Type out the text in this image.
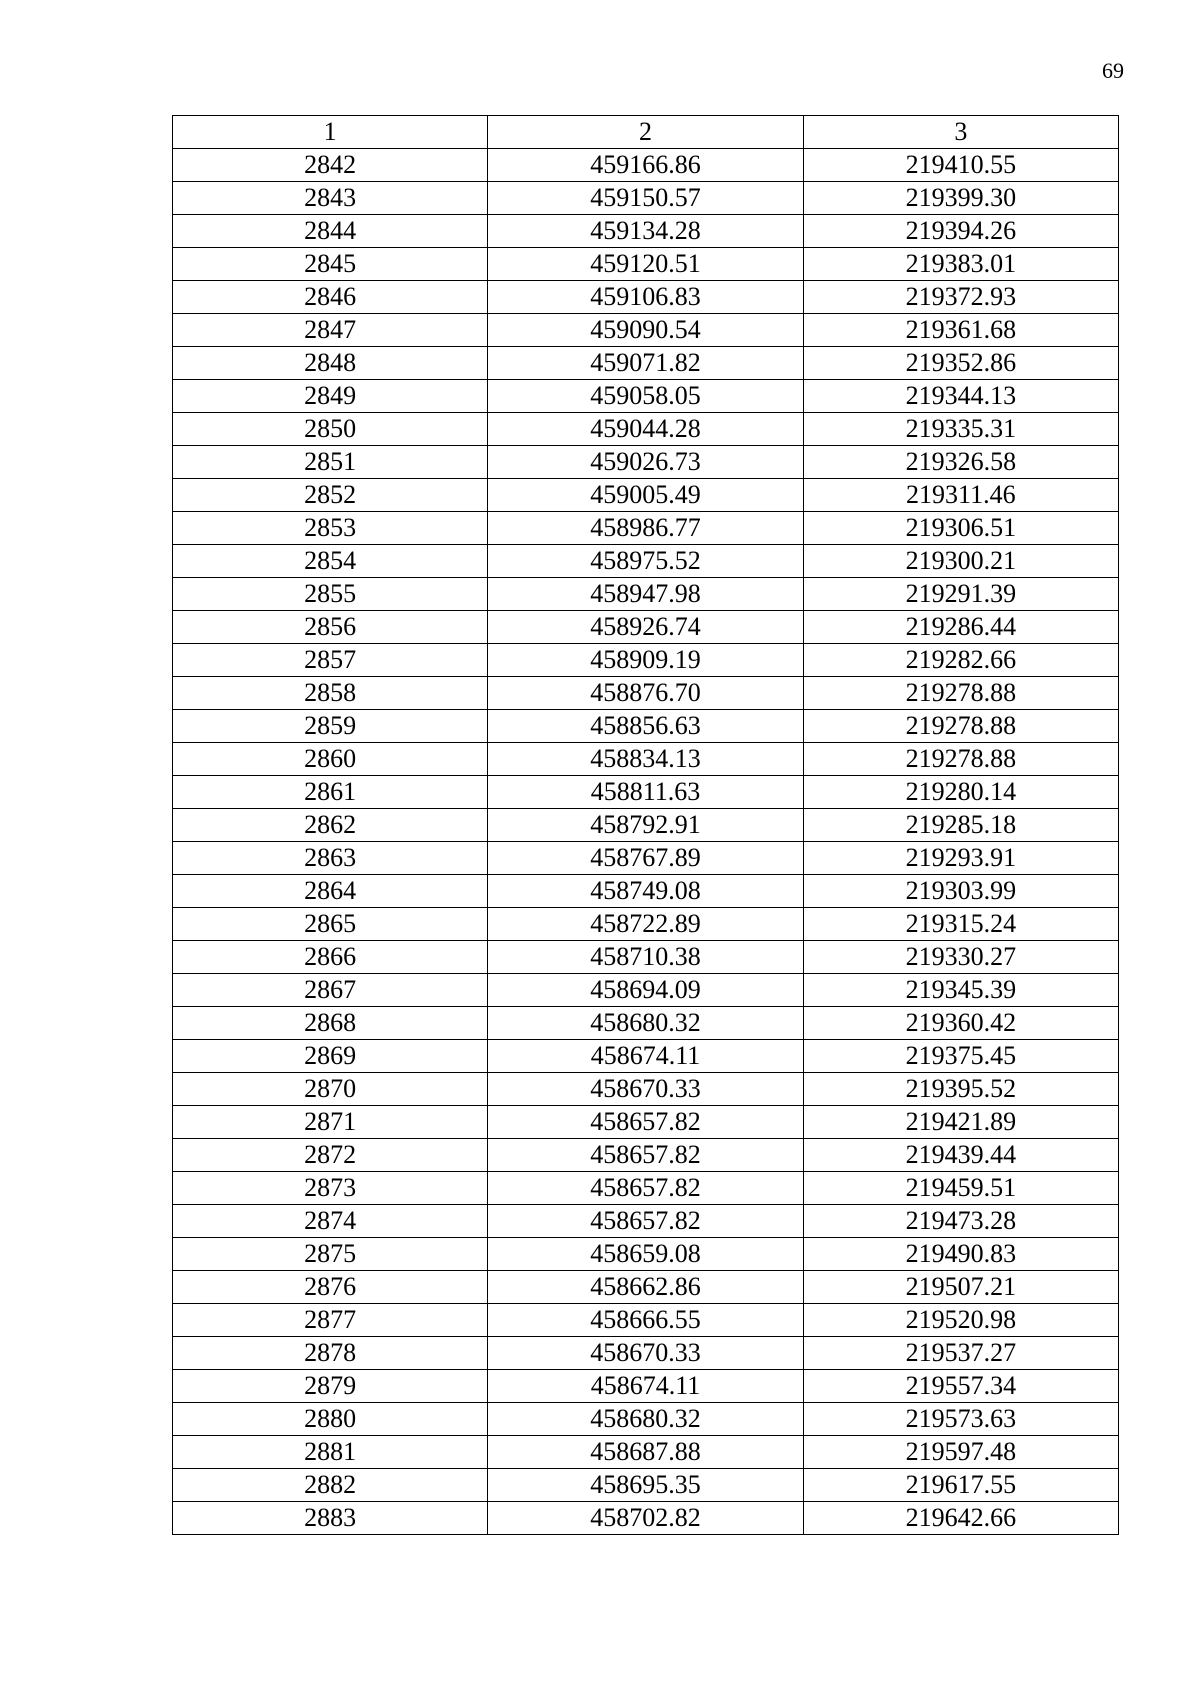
69
1	2	3
2842	459166.86	219410.55
2843	459150.57	219399.30
2844	459134.28	219394.26
2845	459120.51	219383.01
2846	459106.83	219372.93
2847	459090.54	219361.68
2848	459071.82	219352.86
2849	459058.05	219344.13
2850	459044.28	219335.31
2851	459026.73	219326.58
2852	459005.49	219311.46
2853	458986.77	219306.51
2854	458975.52	219300.21
2855	458947.98	219291.39
2856	458926.74	219286.44
2857	458909.19	219282.66
2858	458876.70	219278.88
2859	458856.63	219278.88
2860	458834.13	219278.88
2861	458811.63	219280.14
2862	458792.91	219285.18
2863	458767.89	219293.91
2864	458749.08	219303.99
2865	458722.89	219315.24
2866	458710.38	219330.27
2867	458694.09	219345.39
2868	458680.32	219360.42
2869	458674.11	219375.45
2870	458670.33	219395.52
2871	458657.82	219421.89
2872	458657.82	219439.44
2873	458657.82	219459.51
2874	458657.82	219473.28
2875	458659.08	219490.83
2876	458662.86	219507.21
2877	458666.55	219520.98
2878	458670.33	219537.27
2879	458674.11	219557.34
2880	458680.32	219573.63
2881	458687.88	219597.48
2882	458695.35	219617.55
2883	458702.82	219642.66
